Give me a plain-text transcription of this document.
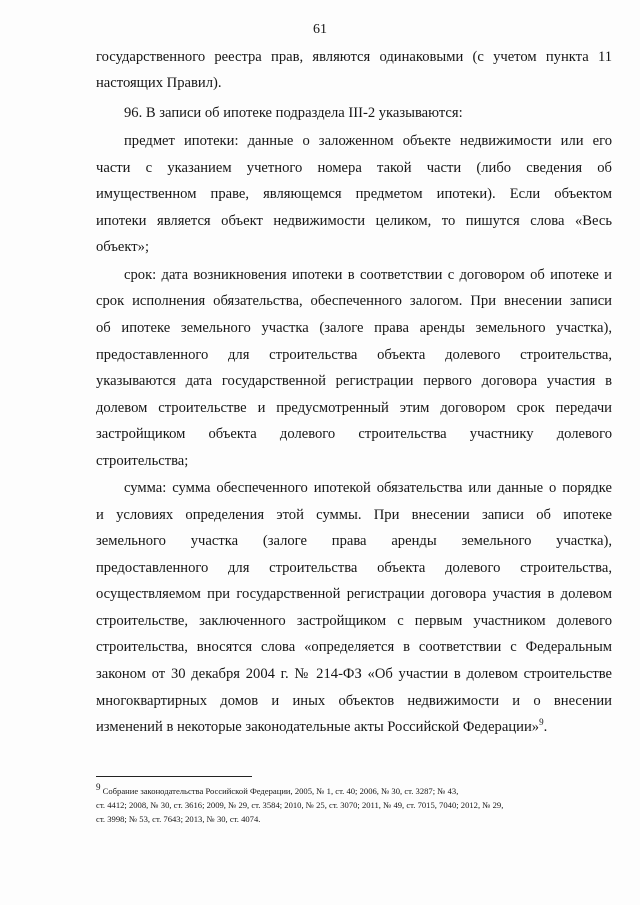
61
государственного реестра прав, являются одинаковыми (с учетом пункта 11
настоящих Правил).
96. В записи об ипотеке подраздела III-2 указываются:
предмет ипотеки: данные о заложенном объекте недвижимости или его
части с указанием учетного номера такой части (либо сведения об
имущественном праве, являющемся предметом ипотеки). Если объектом
ипотеки является объект недвижимости целиком, то пишутся слова «Весь
объект»;
срок: дата возникновения ипотеки в соответствии с договором об ипотеке и
срок исполнения обязательства, обеспеченного залогом. При внесении записи
об ипотеке земельного участка (залоге права аренды земельного участка),
предоставленного для строительства объекта долевого строительства,
указываются дата государственной регистрации первого договора участия в
долевом строительстве и предусмотренный этим договором срок передачи
застройщиком объекта долевого строительства участнику долевого
строительства;
сумма: сумма обеспеченного ипотекой обязательства или данные о порядке
и условиях определения этой суммы. При внесении записи об ипотеке
земельного участка (залоге права аренды земельного участка),
предоставленного для строительства объекта долевого строительства,
осуществляемом при государственной регистрации договора участия в долевом
строительстве, заключенного застройщиком с первым участником долевого
строительства, вносятся слова «определяется в соответствии с Федеральным
законом от 30 декабря 2004 г. № 214-ФЗ «Об участии в долевом строительстве
многоквартирных домов и иных объектов недвижимости и о внесении
изменений в некоторые законодательные акты Российской Федерации»$^9$.
$^9$ Собрание законодательства Российской Федерации, 2005, № 1, ст. 40; 2006, № 30, ст. 3287; № 43,
ст. 4412; 2008, № 30, ст. 3616; 2009, № 29, ст. 3584; 2010, № 25, ст. 3070; 2011, № 49, ст. 7015, 7040; 2012, № 29,
ст. 3998; № 53, ст. 7643; 2013, № 30, ст. 4074.
